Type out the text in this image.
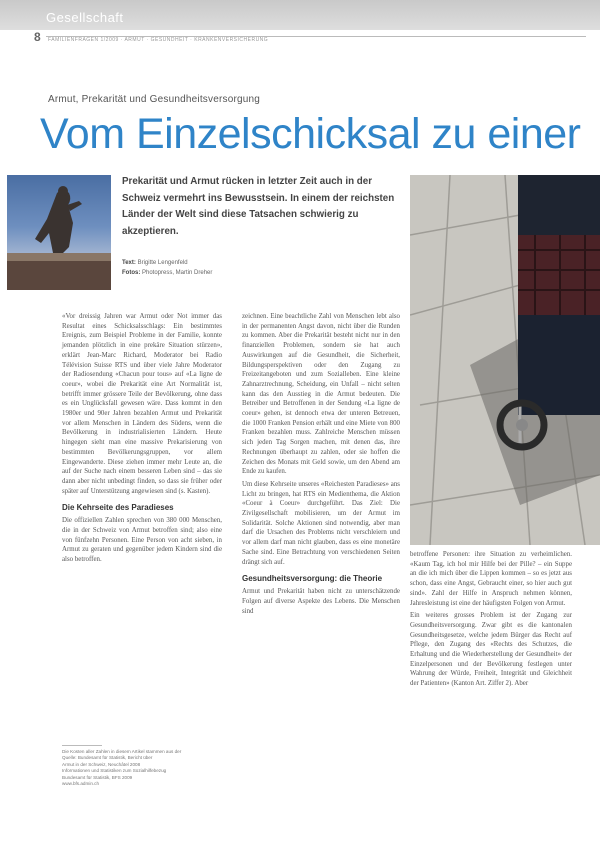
Gesellschaft
8 FAMILIENFRAGEN 1/2009 · ARMUT · GESUNDHEIT · KRANKENVERSICHERUNG
Armut, Prekarität und Gesundheitsversorgung
Vom Einzelschicksal zu einer
Prekarität und Armut rücken in letzter Zeit auch in der Schweiz vermehrt ins Bewusstsein. In einem der reichsten Länder der Welt sind diese Tatsachen schwierig zu akzeptieren.
Text: Brigitte Lengenfeld
Fotos: Photopress, Martin Dreher

«Vor dreissig Jahren war Armut oder Not immer das Resultat eines Schicksalsschlags: Ein bestimmtes Ereignis, zum Beispiel Probleme in der Familie, konnte jemanden plötzlich in eine prekäre Situation stürzen», erklärt Jean-Marc Richard, Moderator bei Radio Télévision Suisse RTS und über viele Jahre Moderator der Radiosendung «Chacun pour tous» auf «La ligne de coeur», wobei die Prekarität eine Art Normalität ist, betrifft immer grössere Teile der Bevölkerung, ohne dass es ein Unglücksfall gewesen wäre. Dass kommt in den 1980er und 90er Jahren bezahlen Armut und Prekarität vor allem Menschen in Ländern des Südens, wenn die Bevölkerung in industrialisierten Ländern. Heute hingegen sieht man eine massive Prekarisierung von bestimmten Bevölkerungsgruppen, vor allem Eingewanderte. Diese ziehen immer mehr Leute an, die auf der Suche nach einem besseren Leben sind – das sie dann aber nicht unbedingt finden, so dass sie früher oder später auf Unterstützung angewiesen sind (s. Kasten).

Die Kehrseite des Paradieses

Die offiziellen Zahlen sprechen von 380 000 Menschen, die in der Schweiz von Armut betroffen sind; also eine von fünfzehn Personen. Eine Person von acht sieben, in Armut zu geraten und gegenüber jedem Kindern sind die also betroffen.

zeichnen. Eine beachtliche Zahl von Menschen lebt also in der permanenten Angst davon, nicht über die Runden zu kommen. Aber die Prekarität besteht nicht nur in den finanziellen Problemen, sondern sie hat auch Auswirkungen auf die Gesundheit, die Sicherheit, Bildungsperspektiven oder den Zugang zu Freizeitangeboten und zum Sozialleben. Eine kleine Zahnarztrechnung, Scheidung, ein Unfall – nicht selten kann das den Ausstieg in die Armut bedeuten. Die Betreiber und Betroffenen in der Sendung «La ligne de coeur» gehen, ist dennoch etwa der unteren Betreuen, die 1000 Franken Pension erhält und eine Miete von 800 Franken bezahlen muss. Zahlreiche Menschen müssen sich jeden Tag Sorgen machen, mit denen das, ihre Rechnungen überhaupt zu zahlen, oder sie hoffen die Zeichen des Monats mit Geld sowie, um den Abend am Ende zu kaufen.

Um diese Kehrseite unseres «Reichesten Paradieses» ans Licht zu bringen, hat RTS ein Medienthema, die Aktion «Coeur à Coeur» durchgeführt. Das Ziel: Die Zivilgesellschaft mobilisieren, um der Armut im Solidarität. Solche Aktionen sind notwendig, aber man darf die Ursachen des Problems nicht verschleiern und vor allem darf man nicht glauben, dass es eine monetäre Sache sind. Eine Betrachtung von verschiedenen Seiten drängt sich auf.

Gesundheitsversorgung: die Theorie

Armut und Prekarität haben nicht zu unterschätzende Folgen auf diverse Aspekte des Lebens. Die Menschen sind

betroffene Personen: ihre Situation zu verheimlichen. «Kaum Tag, ich hol mir Hilfe bei der Pille? – ein Suppe an die ich mich über die Lippen kommen – so es jetzt aus schon, dass eine Angst, Gebraucht einer, so hier auch gut sind». Zahl der Hilfe in Anspruch nehmen können, Jahresleistung ist eine der häufigsten Folgen von Armut.

Ein weiteres grosses Problem ist der Zugang zur Gesundheitsversorgung. Zwar gibt es die kantonalen Gesundheitsgesetze, welche jedem Bürger das Recht auf Pflege, den Zugang des «Rechts des Schutzes, die Erhaltung und die Wiederherstellung der Gesundheit» der Einzelpersonen und der Bevölkerung festlegen unter Wahrung der Würde, Freiheit, Integrität und Gleichheit der Patienten» (Kanton Art. Ziffer 2). Aber

Die Kosten aller Zahlen in diesem Artikel stammen aus der
Quelle: Bundesamt für Statistik, Bericht über
Armut in der Schweiz, Neuchâtel 2008
Informationen und Statistiken zum Sozialhilfebezug
Bundesamt für Statistik, BFS 2009
www.bfs.admin.ch
